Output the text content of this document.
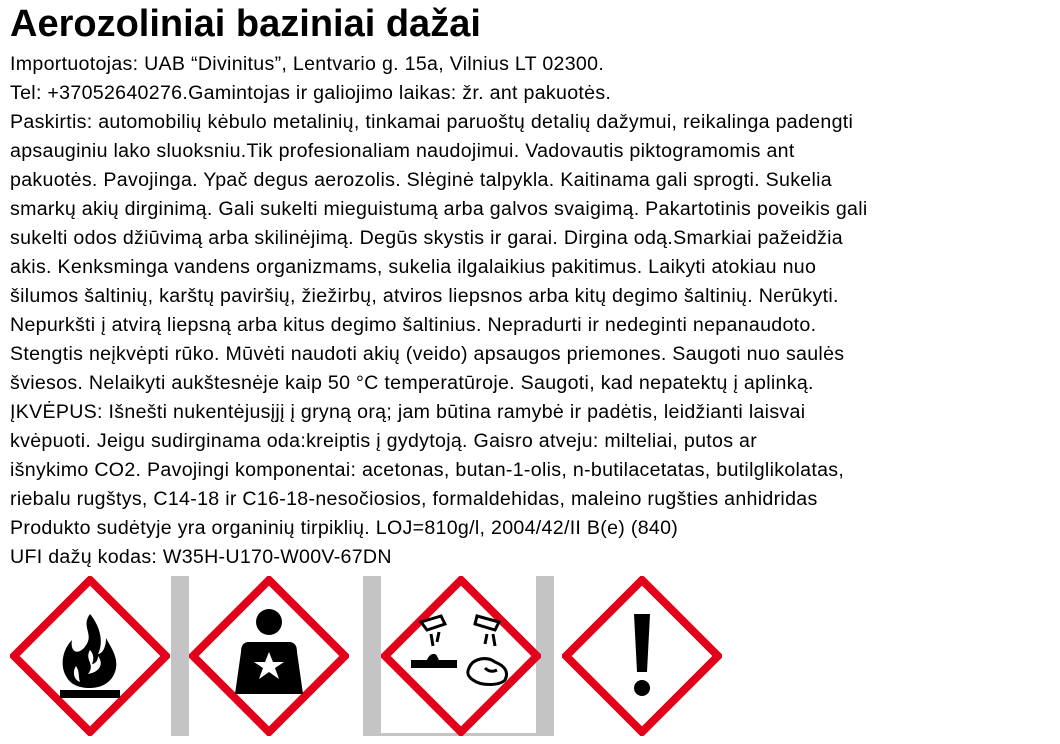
Aerozoliniai baziniai dažai
Importuotojas: UAB “Divinitus”, Lentvario g. 15a, Vilnius LT 02300.
Tel: +37052640276.Gamintojas ir galiojimo laikas: žr. ant pakuotės.
Paskirtis: automobilių kėbulo metalinių, tinkamai paruoštų detalių dažymui, reikalinga padengti
apsauginiu lako sluoksniu.Tik profesionaliam naudojimui. Vadovautis piktogramomis ant
pakuotės. Pavojinga. Ypač degus aerozolis. Slėginė talpykla. Kaitinama gali sprogti. Sukelia
smarkų akių dirginimą. Gali sukelti mieguistumą arba galvos svaigimą. Pakartotinis poveikis gali
sukelti odos džiūvimą arba skilinėjimą. Degūs skystis ir garai. Dirgina odą.Smarkiai pažeidžia
akis. Kenksminga vandens organizmams, sukelia ilgalaikius pakitimus. Laikyti atokiau nuo
šilumos šaltinių, karštų paviršių, žiežirbų, atviros liepsnos arba kitų degimo šaltinių. Nerūkyti.
Nepurkšti į atvirą liepsną arba kitus degimo šaltinius. Nepradurti ir nedeginti nepanaudoto.
Stengtis neįkvėpti rūko. Mūvėti naudoti akių (veido) apsaugos priemones. Saugoti nuo saulės
šviesos. Nelaikyti aukštesnėje kaip 50 °C temperatūroje. Saugoti, kad nepatektų į aplinką.
ĮKVĖPUS: Išnešti nukentėjusįjį į gryną orą; jam būtina ramybė ir padėtis, leidžianti laisvai
kvėpuoti. Jeigu sudirginama oda:kreiptis į gydytoją. Gaisro atveju: milteliai, putos ar
išnykimo CO2. Pavojingi komponentai: acetonas, butan-1-olis, n-butilacetatas, butilglikolatas,
riebalu rugštys, C14-18 ir C16-18-nesočiosios, formaldehidas, maleino rugšties anhidridas
Produkto sudėtyje yra organinių tirpiklių. LOJ=810g/l, 2004/42/II B(e) (840)
UFI dažų kodas: W35H-U170-W00V-67DN
